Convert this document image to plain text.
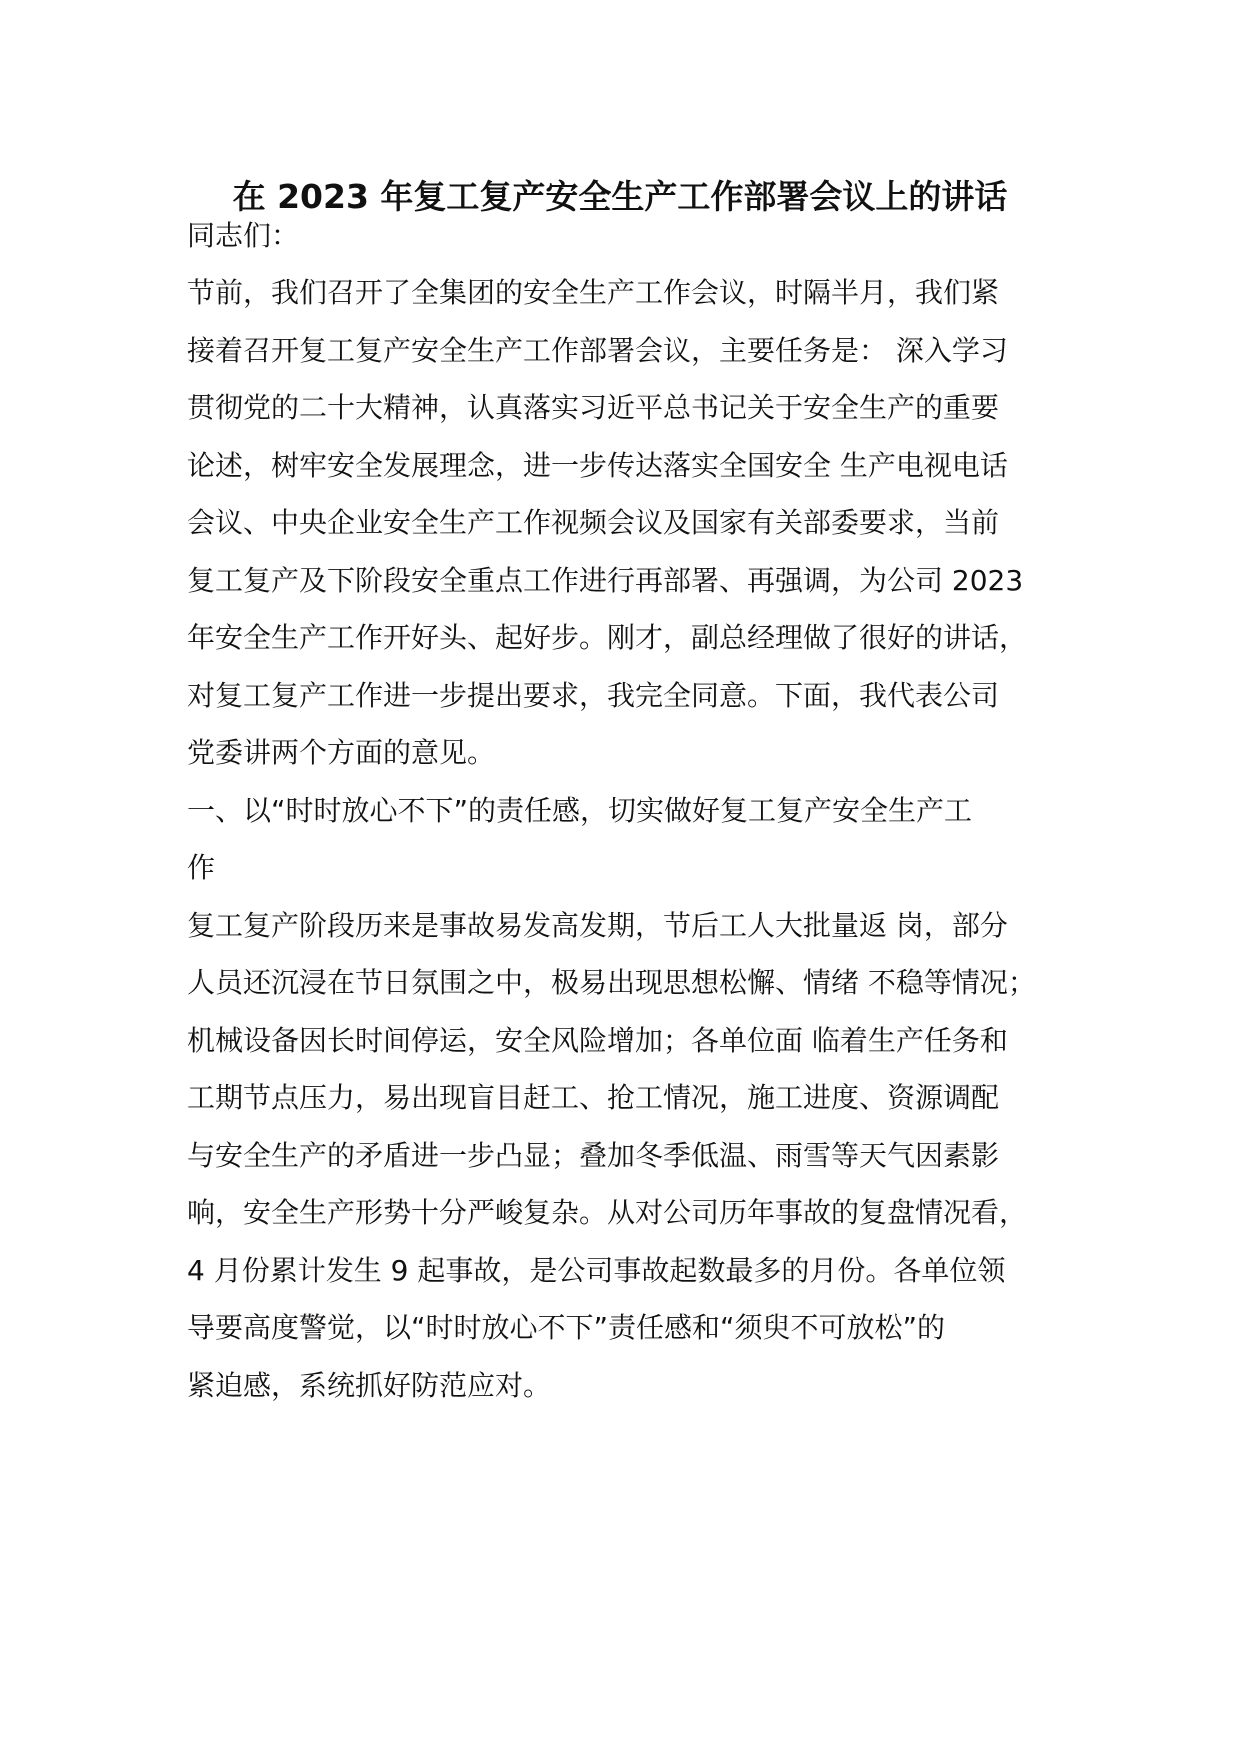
在 2023 年复工复产安全生产工作部署会议上的讲话
同志们：
节前，我们召开了全集团的安全生产工作会议，时隔半月，我们紧
接着召开复工复产安全生产工作部署会议，主要任务是： 深入学习
贯彻党的二十大精神，认真落实习近平总书记关于安全生产的重要
论述，树牢安全发展理念，进一步传达落实全国安全 生产电视电话
会议、中央企业安全生产工作视频会议及国家有关部委要求，当前
复工复产及下阶段安全重点工作进行再部署、再强调，为公司 2023
年安全生产工作开好头、起好步。刚才，副总经理做了很好的讲话，
对复工复产工作进一步提出要求，我完全同意。下面，我代表公司
党委讲两个方面的意见。
一、以“时时放心不下”的责任感，切实做好复工复产安全生产工
作
复工复产阶段历来是事故易发高发期，节后工人大批量返 岗，部分
人员还沉浸在节日氛围之中，极易出现思想松懈、情绪 不稳等情况；
机械设备因长时间停运，安全风险增加；各单位面 临着生产任务和
工期节点压力，易出现盲目赶工、抢工情况，施工进度、资源调配
与安全生产的矛盾进一步凸显；叠加冬季低温、雨雪等天气因素影
响，安全生产形势十分严峻复杂。从对公司历年事故的复盘情况看，
4 月份累计发生 9 起事故，是公司事故起数最多的月份。各单位领
导要高度警觉，以“时时放心不下”责任感和“须臾不可放松”的
紧迫感，系统抓好防范应对。
